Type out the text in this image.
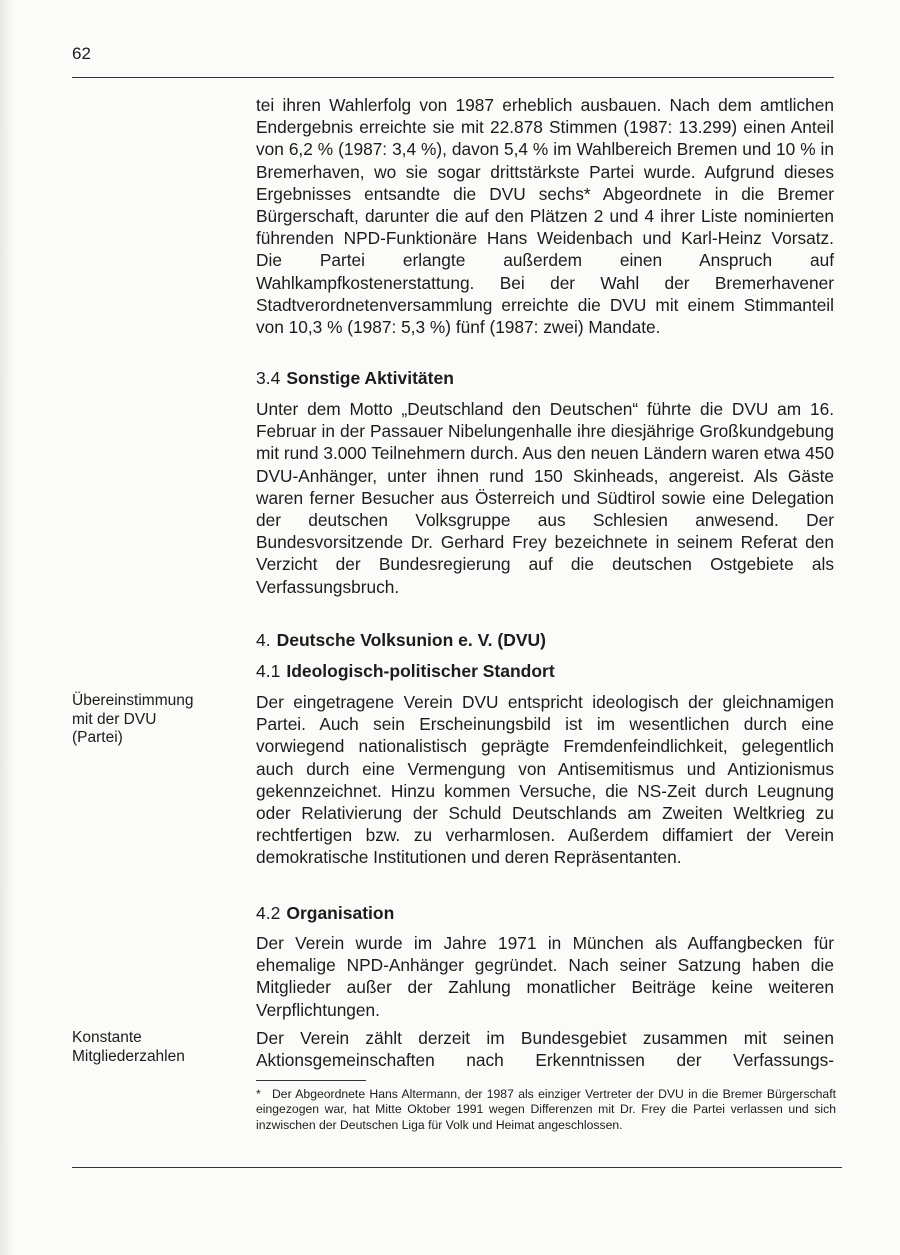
62
tei ihren Wahlerfolg von 1987 erheblich ausbauen. Nach dem amtlichen Endergebnis erreichte sie mit 22.878 Stimmen (1987: 13.299) einen Anteil von 6,2 % (1987: 3,4 %), davon 5,4 % im Wahlbereich Bremen und 10 % in Bremerhaven, wo sie sogar drittstärkste Partei wurde. Aufgrund dieses Ergebnisses entsandte die DVU sechs* Abgeordnete in die Bremer Bürgerschaft, darunter die auf den Plätzen 2 und 4 ihrer Liste nominierten führenden NPD-Funktionäre Hans Weidenbach und Karl-Heinz Vorsatz. Die Partei erlangte außerdem einen Anspruch auf Wahlkampfkostenerstattung. Bei der Wahl der Bremerhavener Stadtverordnetenversammlung erreichte die DVU mit einem Stimmanteil von 10,3 % (1987: 5,3 %) fünf (1987: zwei) Mandate.
3.4 Sonstige Aktivitäten
Unter dem Motto „Deutschland den Deutschen“ führte die DVU am 16. Februar in der Passauer Nibelungenhalle ihre diesjährige Großkundgebung mit rund 3.000 Teilnehmern durch. Aus den neuen Ländern waren etwa 450 DVU-Anhänger, unter ihnen rund 150 Skinheads, angereist. Als Gäste waren ferner Besucher aus Österreich und Südtirol sowie eine Delegation der deutschen Volksgruppe aus Schlesien anwesend. Der Bundesvorsitzende Dr. Gerhard Frey bezeichnete in seinem Referat den Verzicht der Bundesregierung auf die deutschen Ostgebiete als Verfassungsbruch.
4. Deutsche Volksunion e. V. (DVU)
4.1 Ideologisch-politischer Standort
Übereinstimmung
mit der DVU
(Partei)
Der eingetragene Verein DVU entspricht ideologisch der gleichnamigen Partei. Auch sein Erscheinungsbild ist im wesentlichen durch eine vorwiegend nationalistisch geprägte Fremdenfeindlichkeit, gelegentlich auch durch eine Vermengung von Antisemitismus und Antizionismus gekennzeichnet. Hinzu kommen Versuche, die NS-Zeit durch Leugnung oder Relativierung der Schuld Deutschlands am Zweiten Weltkrieg zu rechtfertigen bzw. zu verharmlosen. Außerdem diffamiert der Verein demokratische Institutionen und deren Repräsentanten.
4.2 Organisation
Der Verein wurde im Jahre 1971 in München als Auffangbecken für ehemalige NPD-Anhänger gegründet. Nach seiner Satzung haben die Mitglieder außer der Zahlung monatlicher Beiträge keine weiteren Verpflichtungen.
Konstante
Mitgliederzahlen
Der Verein zählt derzeit im Bundesgebiet zusammen mit seinen Aktionsgemeinschaften nach Erkenntnissen der Verfassungs-
* Der Abgeordnete Hans Altermann, der 1987 als einziger Vertreter der DVU in die Bremer Bürgerschaft eingezogen war, hat Mitte Oktober 1991 wegen Differenzen mit Dr. Frey die Partei verlassen und sich inzwischen der Deutschen Liga für Volk und Heimat angeschlossen.
